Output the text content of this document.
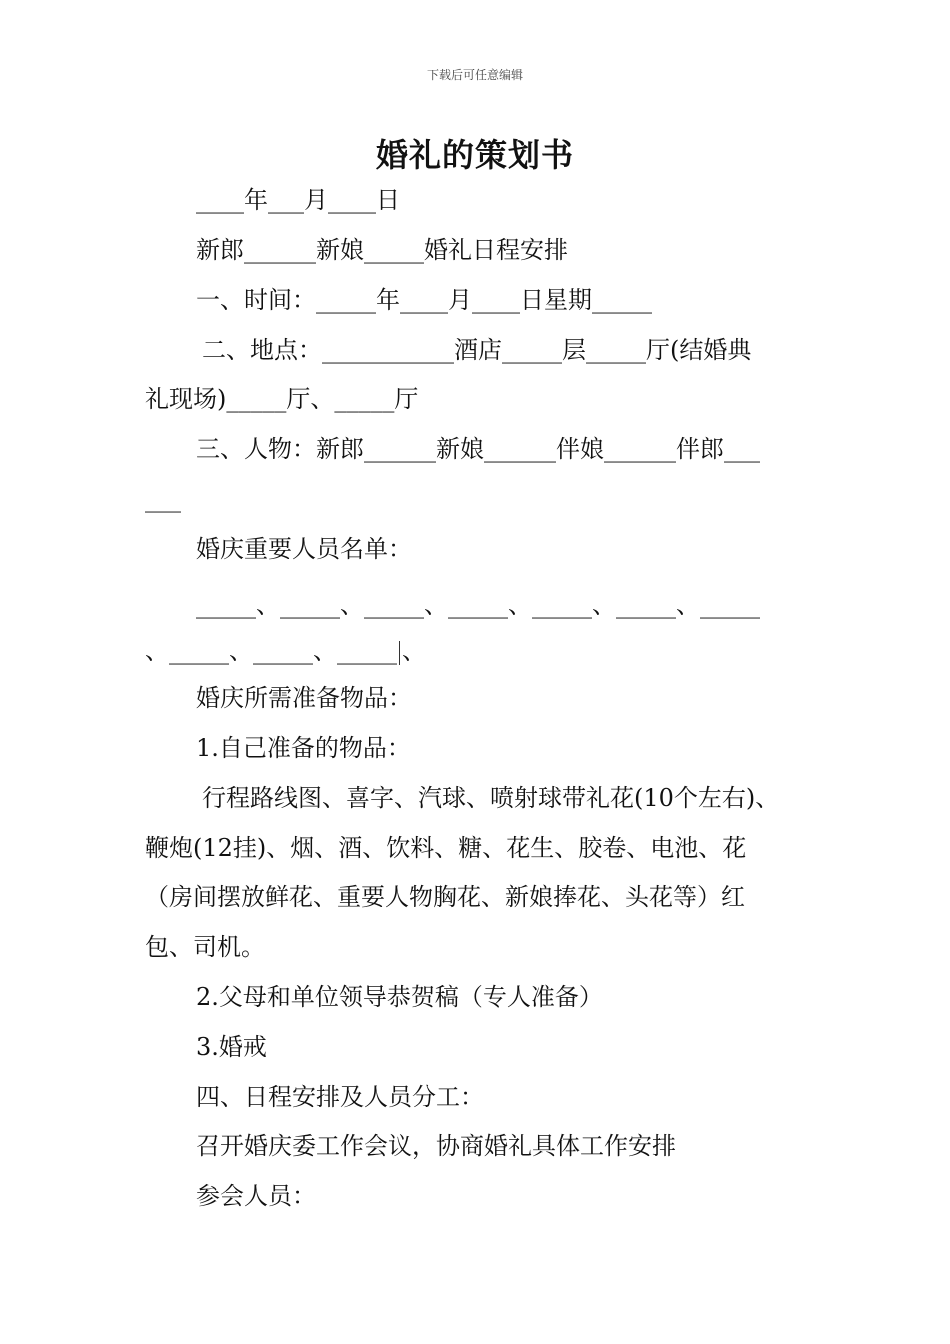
下载后可任意编辑
婚礼的策划书
____年___月____日
新郎______新娘_____婚礼日程安排
一、时间：_____年____月____日星期_____
二、地点：___________酒店_____层_____厅(结婚典
礼现场)_____厅、_____厅
三、人物：新郎______新娘______伴娘______伴郎___
___
婚庆重要人员名单：
_____、_____、_____、_____、_____、_____、_____
、_____、_____、_____ 、
婚庆所需准备物品：
1.自己准备的物品：
行程路线图、喜字、汽球、喷射球带礼花(10个左右)、
鞭炮(12挂)、烟、酒、饮料、糖、花生、胶卷、电池、花
（房间摆放鲜花、重要人物胸花、新娘捧花、头花等）红
包、司机。
2.父母和单位领导恭贺稿（专人准备）
3.婚戒
四、日程安排及人员分工：
召开婚庆委工作会议，协商婚礼具体工作安排
参会人员：
